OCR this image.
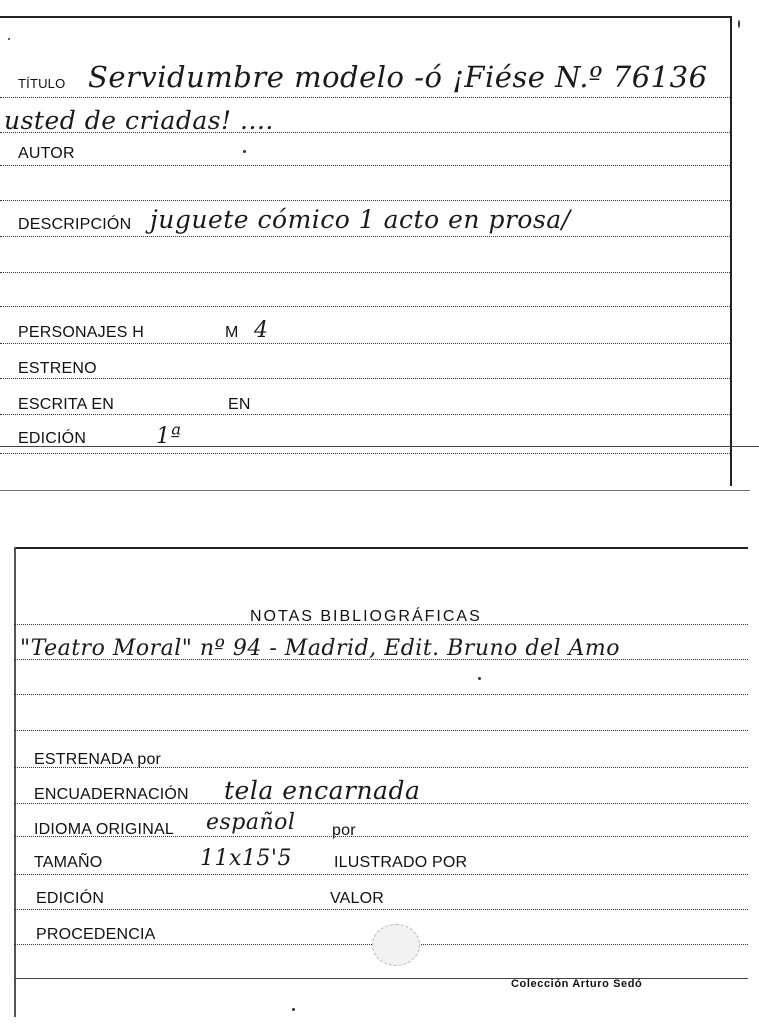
TÍTULO Servidumbre modelo -ó ¡Fiése N.º 76136
usted de criadas! ....
AUTOR
DESCRIPCIÓN juguete cómico 1 acto en prosa/
PERSONAJES H	M 4
ESTRENO
ESCRITA EN	EN
EDICIÓN	1ª
NOTAS BIBLIOGRÁFICAS
"Teatro Moral" nº 94 - Madrid, Edit. Bruno del Amo
ESTRENADA por
ENCUADERNACIÓN tela encarnada
IDIOMA ORIGINAL español por
TAMAÑO	11x15'5	ILUSTRADO POR
EDICIÓN	VALOR
PROCEDENCIA
Colección Arturo Sedó
